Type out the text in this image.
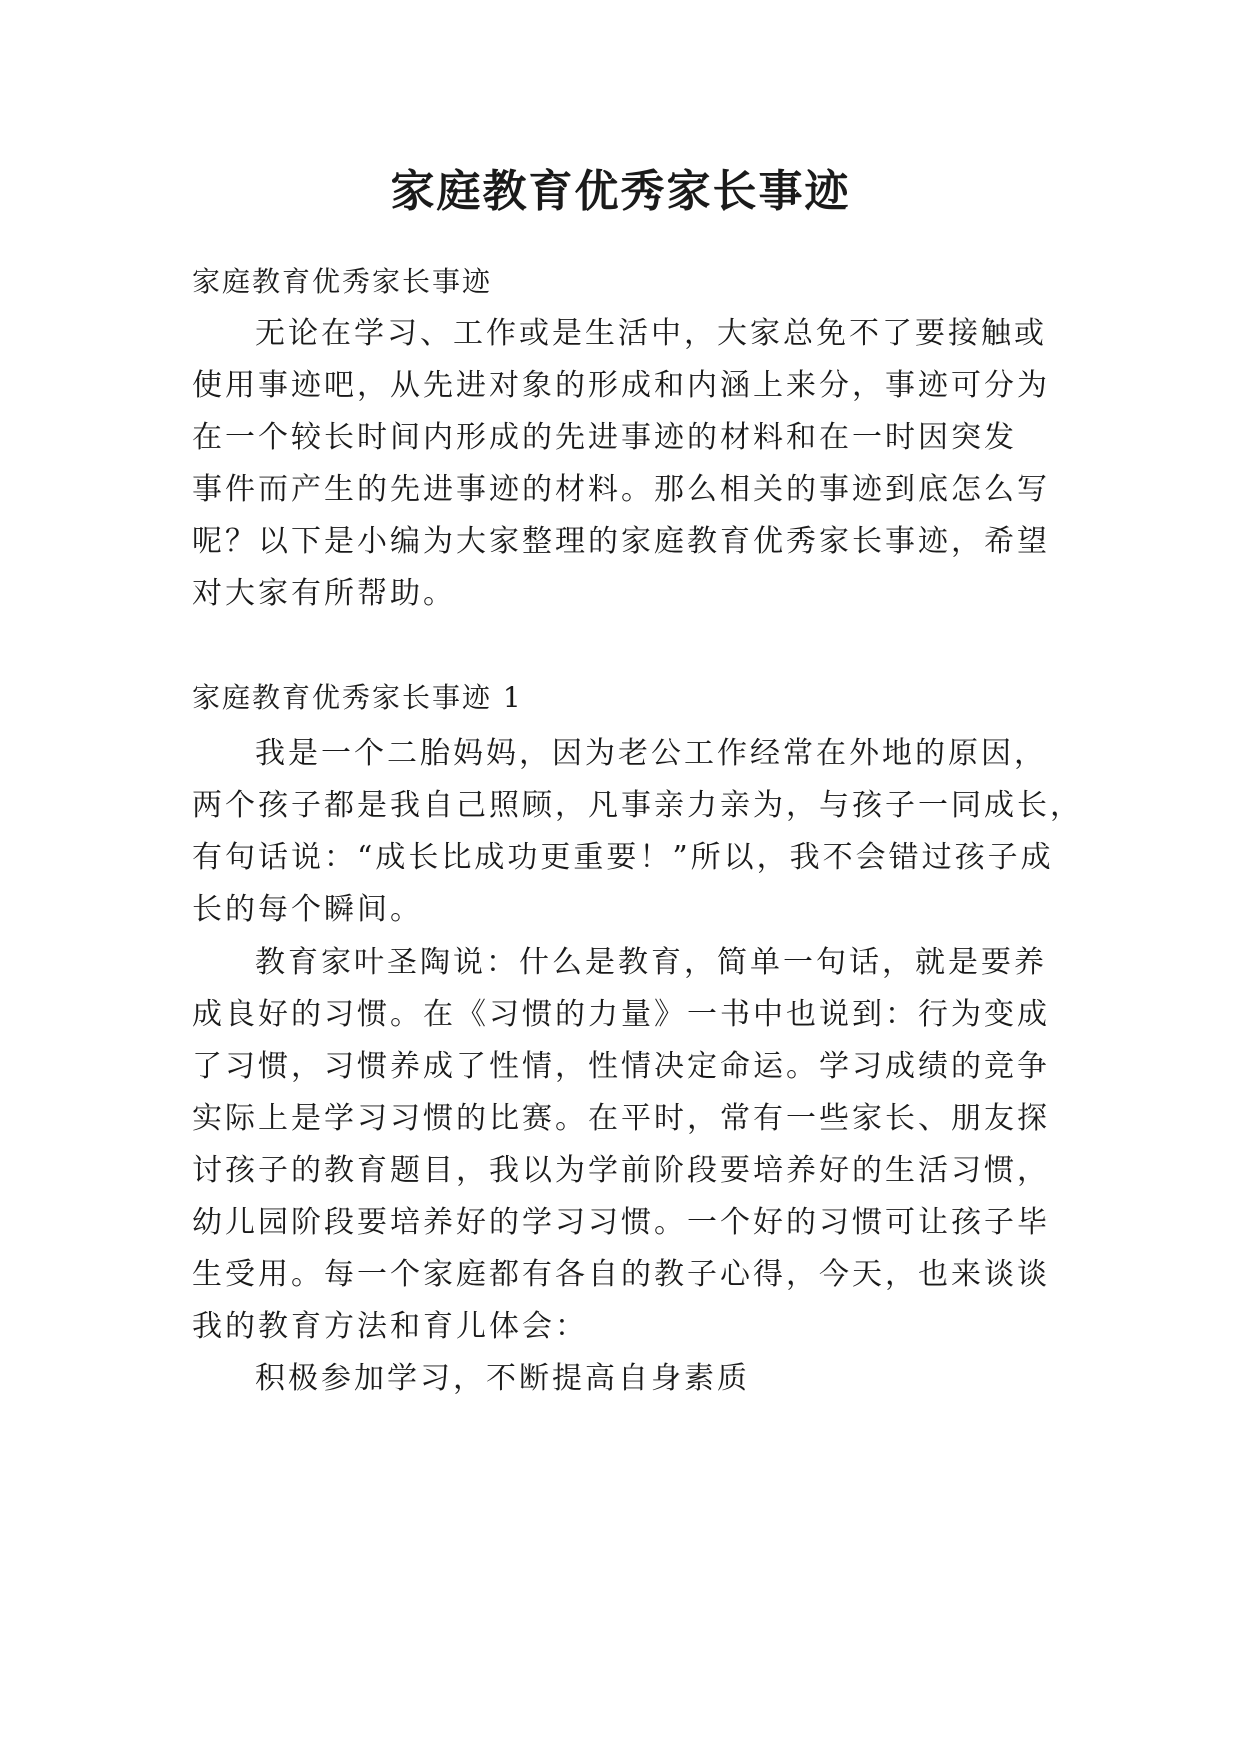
家庭教育优秀家长事迹

家庭教育优秀家长事迹

无论在学习、工作或是生活中，大家总免不了要接触或

使用事迹吧，从先进对象的形成和内涵上来分，事迹可分为

在一个较长时间内形成的先进事迹的材料和在一时因突发

事件而产生的先进事迹的材料。那么相关的事迹到底怎么写

呢？以下是小编为大家整理的家庭教育优秀家长事迹，希望

对大家有所帮助。

家庭教育优秀家长事迹 1

我是一个二胎妈妈，因为老公工作经常在外地的原因，

两个孩子都是我自己照顾，凡事亲力亲为，与孩子一同成长，

有句话说：“成长比成功更重要！”所以，我不会错过孩子成

长的每个瞬间。

教育家叶圣陶说：什么是教育，简单一句话，就是要养

成良好的习惯。在《习惯的力量》一书中也说到：行为变成

了习惯，习惯养成了性情，性情决定命运。学习成绩的竞争

实际上是学习习惯的比赛。在平时，常有一些家长、朋友探

讨孩子的教育题目，我以为学前阶段要培养好的生活习惯，

幼儿园阶段要培养好的学习习惯。一个好的习惯可让孩子毕

生受用。每一个家庭都有各自的教子心得，今天，也来谈谈

我的教育方法和育儿体会：

积极参加学习，不断提高自身素质
